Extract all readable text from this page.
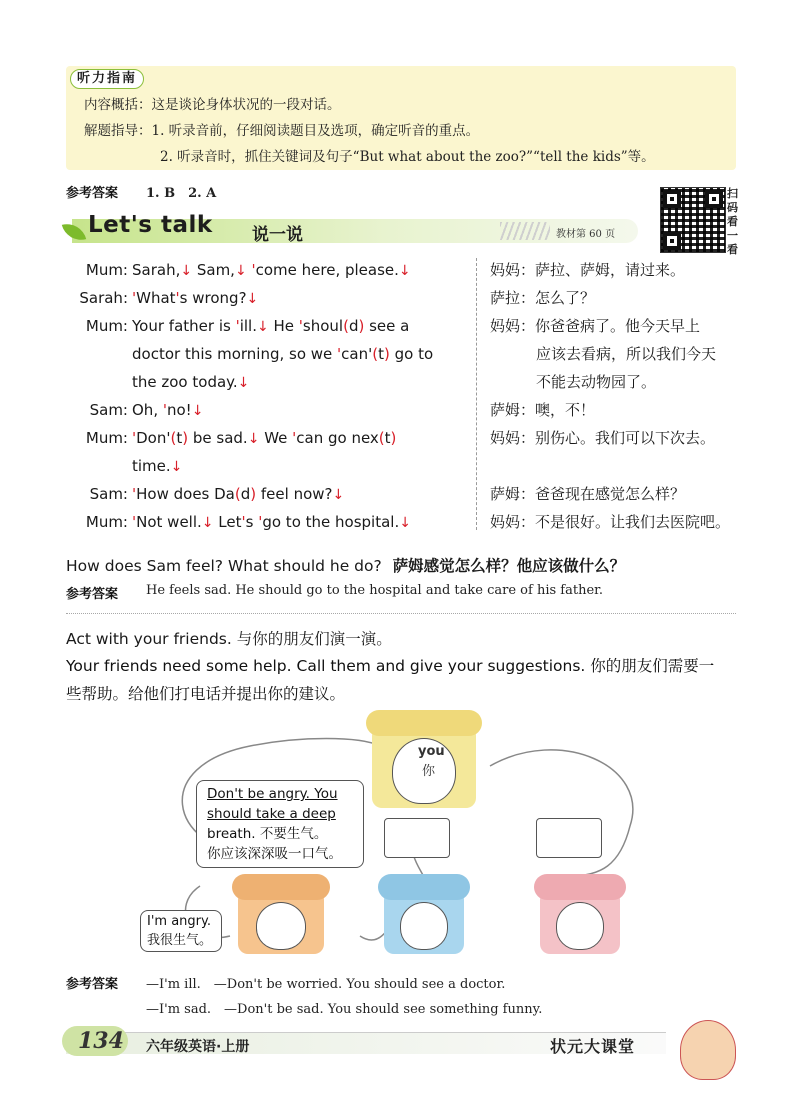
听力指南
内容概括：这是谈论身体状况的一段对话。
解题指导：1. 听录音前，仔细阅读题目及选项，确定听音的重点。
2. 听录音时，抓住关键词及句子“But what about the zoo?”“tell the kids”等。
参考答案 1. B　2. A	扫码看一看
Let's talk 说一说	教材第 60 页
Mum: Sarah,↓ Sam,↓ 'come here, please.↓	妈妈：萨拉、萨姆，请过来。
Sarah: 'What's wrong?↓	萨拉：怎么了？
Mum: Your father is 'ill.↓ He 'shoul(d) see a	妈妈：你爸爸病了。他今天早上
doctor this morning, so we 'can'(t) go to	应该去看病，所以我们今天
the zoo today.↓	不能去动物园了。
Sam: Oh, 'no!↓	萨姆：噢，不！
Mum: 'Don'(t) be sad.↓ We 'can go nex(t)	妈妈：别伤心。我们可以下次去。
time.↓
Sam: 'How does Da(d) feel now?↓	萨姆：爸爸现在感觉怎么样？
Mum: 'Not well.↓ Let's 'go to the hospital.↓	妈妈：不是很好。让我们去医院吧。
How does Sam feel? What should he do? 萨姆感觉怎么样？他应该做什么？
参考答案 He feels sad. He should go to the hospital and take care of his father.
Act with your friends. 与你的朋友们演一演。
Your friends need some help. Call them and give your suggestions. 你的朋友们需要一
些帮助。给他们打电话并提出你的建议。
you
你
Don't be angry. You
should take a deep
breath. 不要生气。
你应该深深吸一口气。
I'm angry.
我很生气。
参考答案 —I'm ill.　—Don't be worried. You should see a doctor.
—I'm sad.　—Don't be sad. You should see something funny.
134 六年级英语·上册	状元大课堂
